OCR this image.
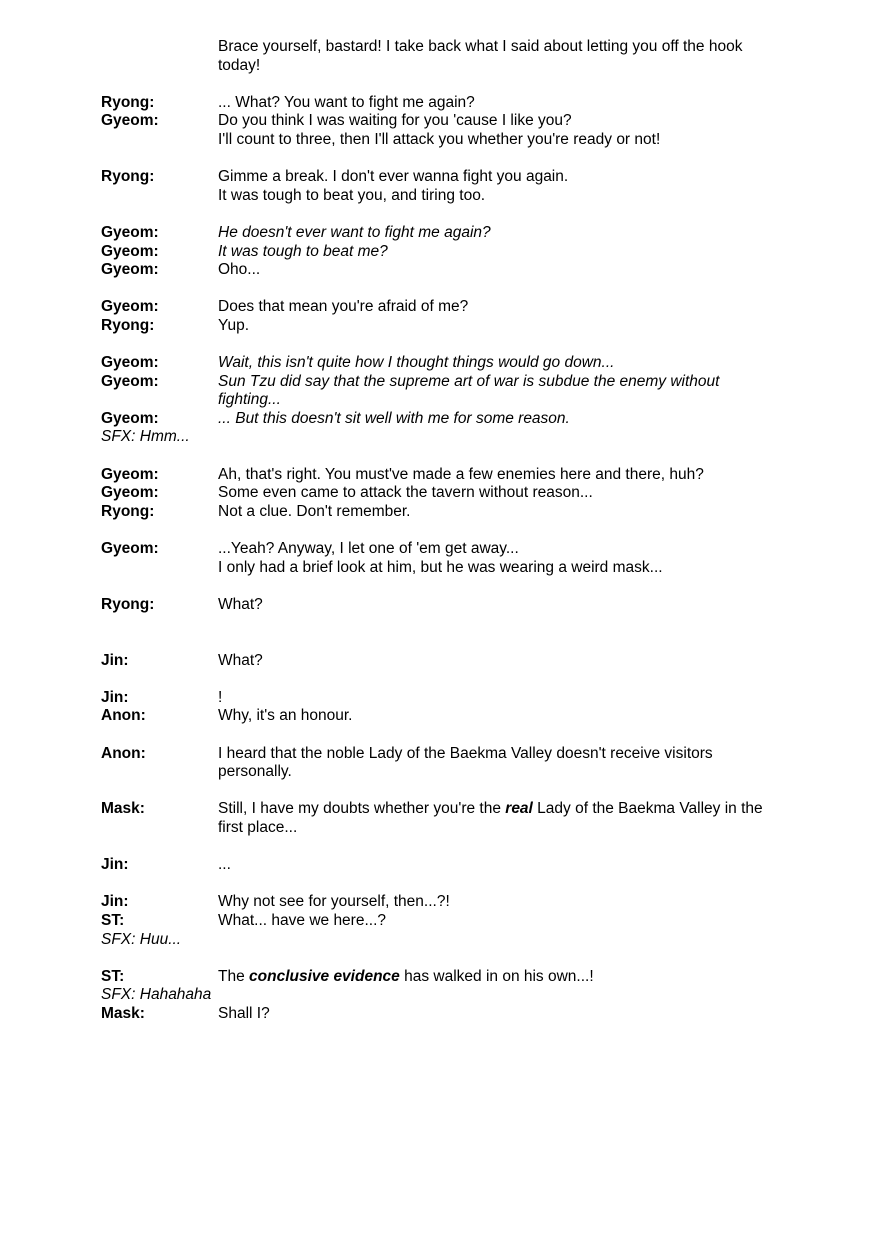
Brace yourself, bastard! I take back what I said about letting you off the hook today!
Ryong:	... What? You want to fight me again?
Gyeom:	Do you think I was waiting for you 'cause I like you?
I'll count to three, then I'll attack you whether you're ready or not!
Ryong:	Gimme a break. I don't ever wanna fight you again.
It was tough to beat you, and tiring too.
Gyeom:	He doesn't ever want to fight me again?
Gyeom:	It was tough to beat me?
Gyeom:	Oho...
Gyeom:	Does that mean you're afraid of me?
Ryong:	Yup.
Gyeom:	Wait, this isn't quite how I thought things would go down...
Gyeom:	Sun Tzu did say that the supreme art of war is subdue the enemy without fighting...
Gyeom:	... But this doesn't sit well with me for some reason.
SFX: Hmm...
Gyeom:	Ah, that's right. You must've made a few enemies here and there, huh?
Gyeom:	Some even came to attack the tavern without reason...
Ryong:	Not a clue. Don't remember.
Gyeom:	...Yeah? Anyway, I let one of 'em get away...
I only had a brief look at him, but he was wearing a weird mask...
Ryong:	What?
Jin:	What?
Jin:	!
Anon:	Why, it's an honour.
Anon:	I heard that the noble Lady of the Baekma Valley doesn't receive visitors personally.
Mask:	Still, I have my doubts whether you're the real Lady of the Baekma Valley in the first place...
Jin:	...
Jin:	Why not see for yourself, then...?!
ST:	What... have we here...?
SFX: Huu...
ST:	The conclusive evidence has walked in on his own...!
SFX: Hahahaha
Mask:	Shall I?
